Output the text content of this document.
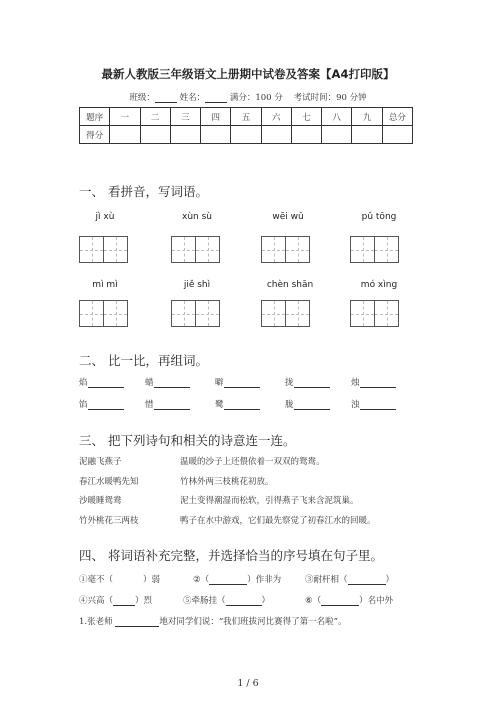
最新人教版三年级语文上册期中试卷及答案【A4打印版】
班级：	姓名：	满分：100 分 考试时间：90 分钟
题序	一	二	三	四	五	六	七	八	九	总分
得分										
一、 看拼音，写词语。
jì xù	xùn sù	wēi wǔ	pǔ tōng
mì mì	jiě shì	chèn shān	mó xìng
二、 比一比，再组词。
焰	蜡	噼	拢	烛
馅	惜	鹭	胧	浊
三、 把下列诗句和相关的诗意连一连。
泥融飞燕子
春江水暖鸭先知
沙暖睡鸳鸯
竹外桃花三两枝
温暖的沙子上还偎依着一双双的鸳鸯。
竹林外两三枝桃花初放。
泥土变得潮湿而松软，引得燕子飞来含泥筑巢。
鸭子在水中游戏，它们最先察觉了初春江水的回暖。
四、 将词语补充完整，并选择恰当的序号填在句子里。
①毫不（	）弱	②（	）作非为	③耐杆相（	）
④兴高（	）烈	⑤牵肠挂（	）	⑥（	）名中外
1.张老师	地对同学们说：“我们班拔河比赛得了第一名啦”。
1 / 6
